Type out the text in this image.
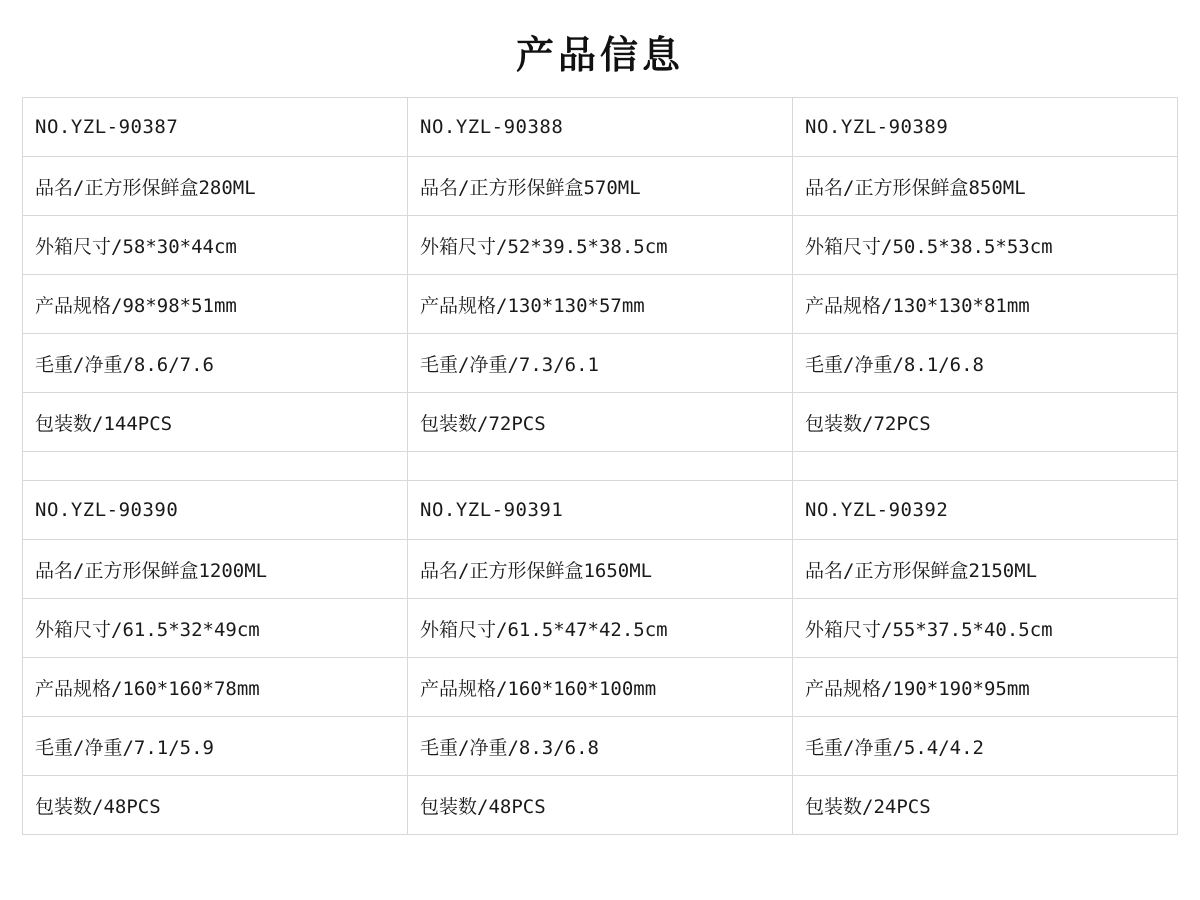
产品信息
NO.YZL-90387	NO.YZL-90388	NO.YZL-90389
品名/正方形保鲜盒280ML	品名/正方形保鲜盒570ML	品名/正方形保鲜盒850ML
外箱尺寸/58*30*44cm	外箱尺寸/52*39.5*38.5cm	外箱尺寸/50.5*38.5*53cm
产品规格/98*98*51mm	产品规格/130*130*57mm	产品规格/130*130*81mm
毛重/净重/8.6/7.6	毛重/净重/7.3/6.1	毛重/净重/8.1/6.8
包装数/144PCS	包装数/72PCS	包装数/72PCS

NO.YZL-90390	NO.YZL-90391	NO.YZL-90392
品名/正方形保鲜盒1200ML	品名/正方形保鲜盒1650ML	品名/正方形保鲜盒2150ML
外箱尺寸/61.5*32*49cm	外箱尺寸/61.5*47*42.5cm	外箱尺寸/55*37.5*40.5cm
产品规格/160*160*78mm	产品规格/160*160*100mm	产品规格/190*190*95mm
毛重/净重/7.1/5.9	毛重/净重/8.3/6.8	毛重/净重/5.4/4.2
包装数/48PCS	包装数/48PCS	包装数/24PCS
